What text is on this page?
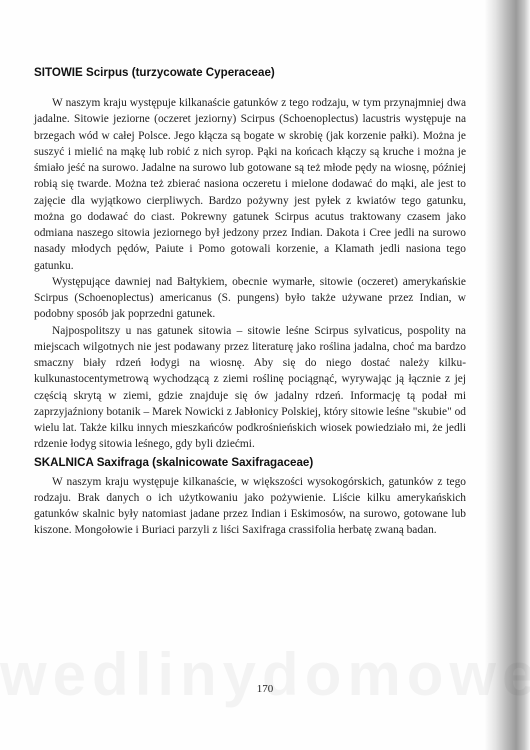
SITOWIE Scirpus (turzycowate Cyperaceae)

W naszym kraju występuje kilkanaście gatunków z tego rodzaju, w tym przynajmniej dwa jadalne. Sitowie jeziorne (oczeret jeziorny) Scirpus (Schoenoplectus) lacustris występuje na brzegach wód w całej Polsce. Jego kłącza są bogate w skrobię (jak korzenie pałki). Można je suszyć i mielić na mąkę lub robić z nich syrop. Pąki na końcach kłączy są kruche i można je śmiało jeść na surowo. Jadalne na surowo lub gotowane są też młode pędy na wiosnę, później robią się twarde. Można też zbierać nasiona oczeretu i mielone dodawać do mąki, ale jest to zajęcie dla wyjątkowo cierpliwych. Bardzo pożywny jest pyłek z kwiatów tego gatunku, można go dodawać do ciast. Pokrewny gatunek Scirpus acutus traktowany czasem jako odmiana naszego sitowia jeziornego był jedzony przez Indian. Dakota i Cree jedli na surowo nasady młodych pędów, Paiute i Pomo gotowali korzenie, a Klamath jedli nasiona tego gatunku.

Występujące dawniej nad Bałtykiem, obecnie wymarłe, sitowie (oczeret) amerykańskie Scirpus (Schoenoplectus) americanus (S. pungens) było także używane przez Indian, w podobny sposób jak poprzedni gatunek.

Najpospolitszy u nas gatunek sitowia – sitowie leśne Scirpus sylvaticus, pospolity na miejscach wilgotnych nie jest podawany przez literaturę jako roślina jadalna, choć ma bardzo smaczny biały rdzeń łodygi na wiosnę. Aby się do niego dostać należy kilku-kulkunastocentymetrową wychodzącą z ziemi roślinę pociągnąć, wyrywając ją łącznie z jej częścią skrytą w ziemi, gdzie znajduje się ów jadalny rdzeń. Informację tą podał mi zaprzyjaźniony botanik – Marek Nowicki z Jabłonicy Polskiej, który sitowie leśne "skubie" od wielu lat. Także kilku innych mieszkańców podkrośnieńskich wiosek powiedziało mi, że jedli rdzenie łodyg sitowia leśnego, gdy byli dziećmi.

SKALNICA Saxifraga (skalnicowate Saxifragaceae)

W naszym kraju występuje kilkanaście, w większości wysokogórskich, gatunków z tego rodzaju. Brak danych o ich użytkowaniu jako pożywienie. Liście kilku amerykańskich gatunków skalnic były natomiast jadane przez Indian i Eskimosów, na surowo, gotowane lub kiszone. Mongołowie i Buriaci parzyli z liści Saxifraga crassifolia herbatę zwaną badan.

170
